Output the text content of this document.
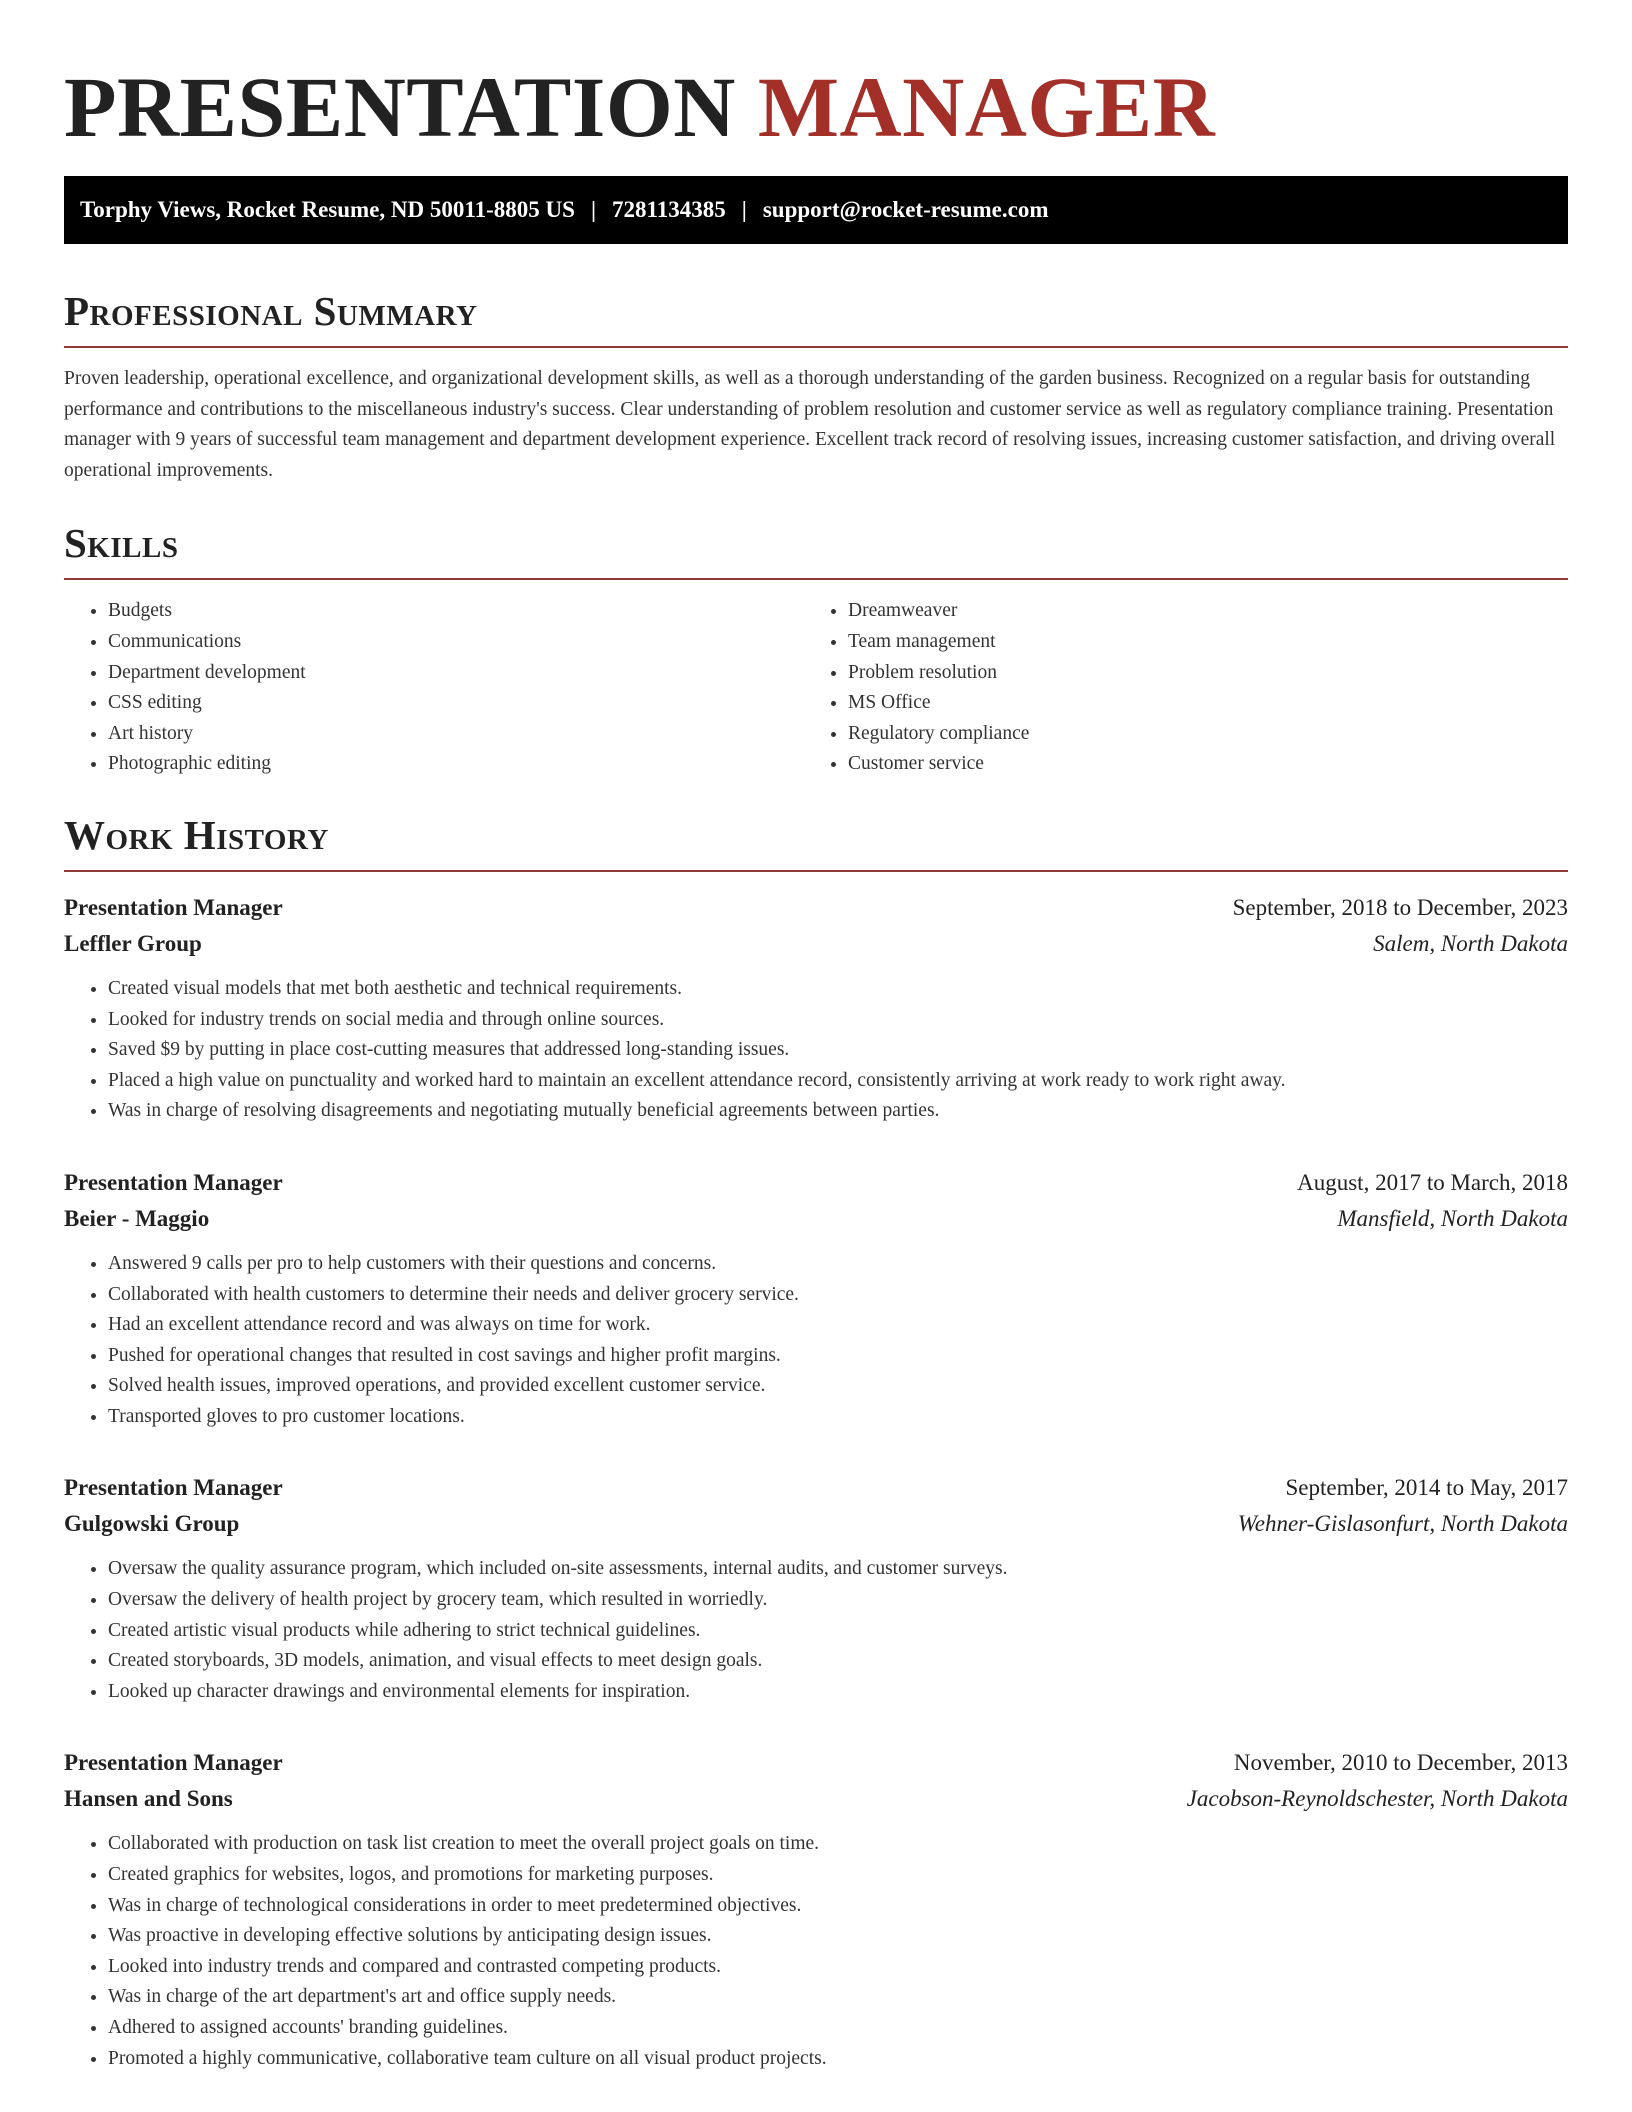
PRESENTATION MANAGER
Torphy Views, Rocket Resume, ND 50011-8805 US | 7281134385 | support@rocket-resume.com
Professional Summary

Proven leadership, operational excellence, and organizational development skills, as well as a thorough understanding of the garden business. Recognized on a regular basis for outstanding performance and contributions to the miscellaneous industry's success. Clear understanding of problem resolution and customer service as well as regulatory compliance training. Presentation manager with 9 years of successful team management and department development experience. Excellent track record of resolving issues, increasing customer satisfaction, and driving overall operational improvements.

Skills
• Budgets
• Communications
• Department development
• CSS editing
• Art history
• Photographic editing
• Dreamweaver
• Team management
• Problem resolution
• MS Office
• Regulatory compliance
• Customer service
Work History
Presentation Manager	September, 2018 to December, 2023
Leffler Group	Salem, North Dakota
• Created visual models that met both aesthetic and technical requirements.
• Looked for industry trends on social media and through online sources.
• Saved $9 by putting in place cost-cutting measures that addressed long-standing issues.
• Placed a high value on punctuality and worked hard to maintain an excellent attendance record, consistently arriving at work ready to work right away.
• Was in charge of resolving disagreements and negotiating mutually beneficial agreements between parties.
Presentation Manager	August, 2017 to March, 2018
Beier - Maggio	Mansfield, North Dakota
• Answered 9 calls per pro to help customers with their questions and concerns.
• Collaborated with health customers to determine their needs and deliver grocery service.
• Had an excellent attendance record and was always on time for work.
• Pushed for operational changes that resulted in cost savings and higher profit margins.
• Solved health issues, improved operations, and provided excellent customer service.
• Transported gloves to pro customer locations.
Presentation Manager	September, 2014 to May, 2017
Gulgowski Group	Wehner-Gislasonfurt, North Dakota
• Oversaw the quality assurance program, which included on-site assessments, internal audits, and customer surveys.
• Oversaw the delivery of health project by grocery team, which resulted in worriedly.
• Created artistic visual products while adhering to strict technical guidelines.
• Created storyboards, 3D models, animation, and visual effects to meet design goals.
• Looked up character drawings and environmental elements for inspiration.
Presentation Manager	November, 2010 to December, 2013
Hansen and Sons	Jacobson-Reynoldschester, North Dakota
• Collaborated with production on task list creation to meet the overall project goals on time.
• Created graphics for websites, logos, and promotions for marketing purposes.
• Was in charge of technological considerations in order to meet predetermined objectives.
• Was proactive in developing effective solutions by anticipating design issues.
• Looked into industry trends and compared and contrasted competing products.
• Was in charge of the art department's art and office supply needs.
• Adhered to assigned accounts' branding guidelines.
• Promoted a highly communicative, collaborative team culture on all visual product projects.
